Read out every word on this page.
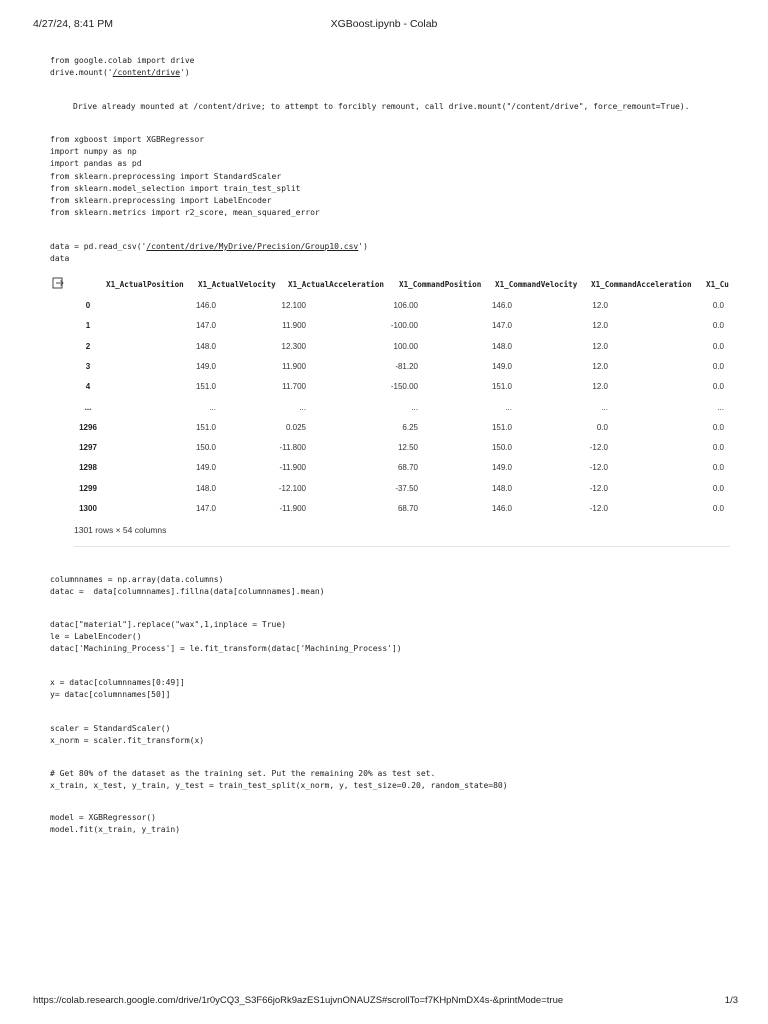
4/27/24, 8:41 PM	XGBoost.ipynb - Colab
from google.colab import drive
drive.mount('/content/drive')
Drive already mounted at /content/drive; to attempt to forcibly remount, call drive.mount("/content/drive", force_remount=True).
from xgboost import XGBRegressor
import numpy as np
import pandas as pd
from sklearn.preprocessing import StandardScaler
from sklearn.model_selection import train_test_split
from sklearn.preprocessing import LabelEncoder
from sklearn.metrics import r2_score, mean_squared_error
data = pd.read_csv('/content/drive/MyDrive/Precision/Group10.csv')
data
X1_ActualPosition X1_ActualVelocity X1_ActualAcceleration X1_CommandPosition X1_CommandVelocity X1_CommandAcceleration X1_Cu
0	146.0	12.100	106.00	146.0	12.0	0.0
1	147.0	11.900	-100.00	147.0	12.0	0.0
2	148.0	12.300	100.00	148.0	12.0	0.0
3	149.0	11.900	-81.20	149.0	12.0	0.0
4	151.0	11.700	-150.00	151.0	12.0	0.0
...	...	...	...	...	...	...
1296	151.0	0.025	6.25	151.0	0.0	0.0
1297	150.0	-11.800	12.50	150.0	-12.0	0.0
1298	149.0	-11.900	68.70	149.0	-12.0	0.0
1299	148.0	-12.100	-37.50	148.0	-12.0	0.0
1300	147.0	-11.900	68.70	146.0	-12.0	0.0
1301 rows × 54 columns
columnnames = np.array(data.columns)
datac =  data[columnnames].fillna(data[columnnames].mean)
datac["material"].replace("wax",1,inplace = True)
le = LabelEncoder()
datac['Machining_Process'] = le.fit_transform(datac['Machining_Process'])
x = datac[columnnames[0:49]]
y= datac[columnnames[50]]
scaler = StandardScaler()
x_norm = scaler.fit_transform(x)
# Get 80% of the dataset as the training set. Put the remaining 20% as test set.
x_train, x_test, y_train, y_test = train_test_split(x_norm, y, test_size=0.20, random_state=80)
model = XGBRegressor()
model.fit(x_train, y_train)
https://colab.research.google.com/drive/1r0yCQ3_S3F66joRk9azES1ujvnONAUZS#scrollTo=f7KHpNmDX4s-&printMode=true	1/3
